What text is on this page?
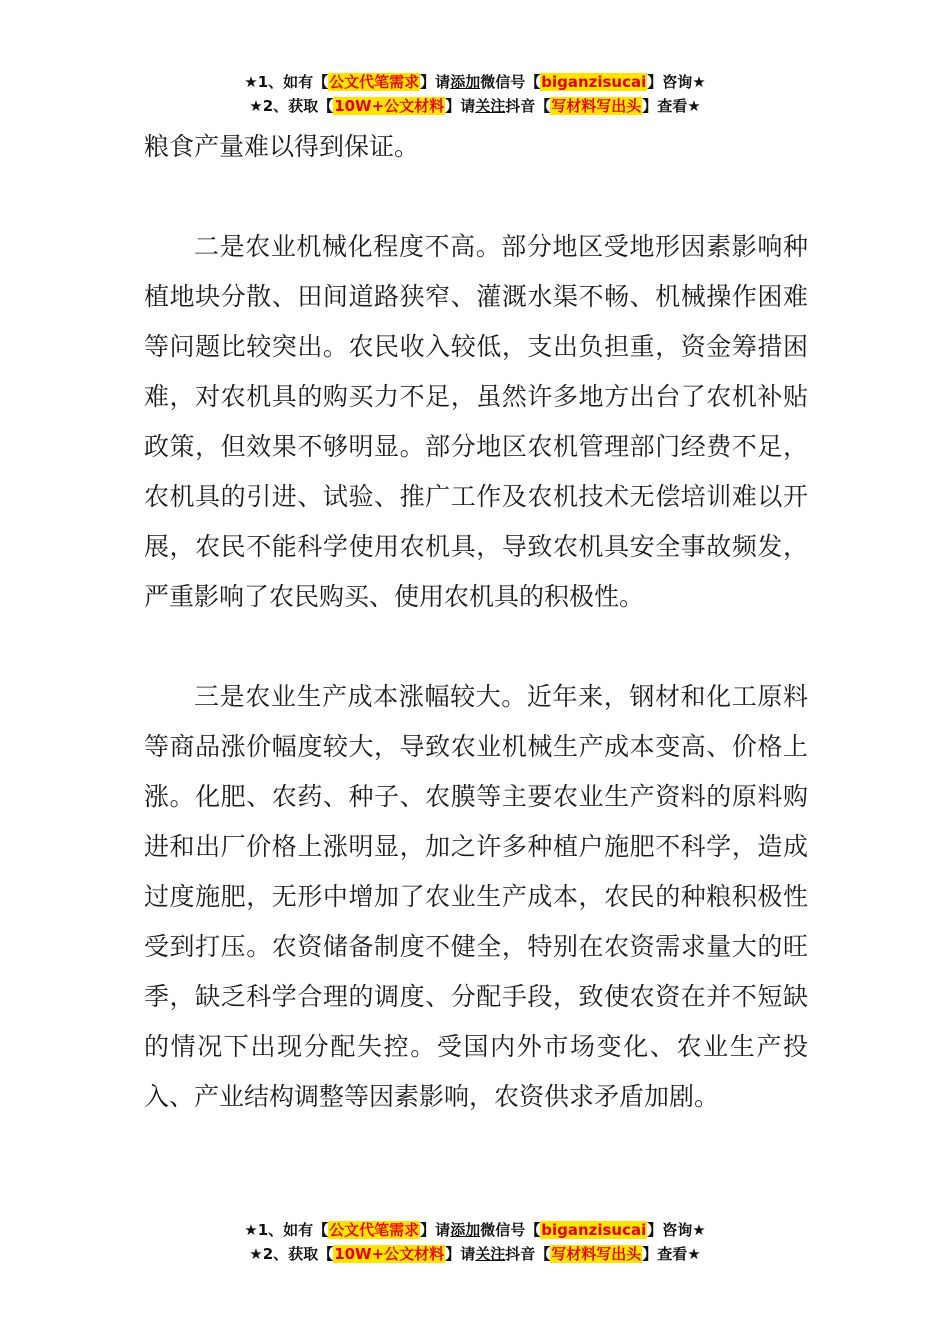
★1、如有【公文代笔需求】请添加微信号【biganzisucai】咨询★
★2、获取【10W+公文材料】请关注抖音【写材料写出头】查看★

粮食产量难以得到保证。

二是农业机械化程度不高。部分地区受地形因素影响种植地块分散、田间道路狭窄、灌溉水渠不畅、机械操作困难等问题比较突出。农民收入较低，支出负担重，资金筹措困难，对农机具的购买力不足，虽然许多地方出台了农机补贴政策，但效果不够明显。部分地区农机管理部门经费不足，农机具的引进、试验、推广工作及农机技术无偿培训难以开展，农民不能科学使用农机具，导致农机具安全事故频发，严重影响了农民购买、使用农机具的积极性。

三是农业生产成本涨幅较大。近年来，钢材和化工原料等商品涨价幅度较大，导致农业机械生产成本变高、价格上涨。化肥、农药、种子、农膜等主要农业生产资料的原料购进和出厂价格上涨明显，加之许多种植户施肥不科学，造成过度施肥，无形中增加了农业生产成本，农民的种粮积极性受到打压。农资储备制度不健全，特别在农资需求量大的旺季，缺乏科学合理的调度、分配手段，致使农资在并不短缺的情况下出现分配失控。受国内外市场变化、农业生产投入、产业结构调整等因素影响，农资供求矛盾加剧。

★1、如有【公文代笔需求】请添加微信号【biganzisucai】咨询★
★2、获取【10W+公文材料】请关注抖音【写材料写出头】查看★
